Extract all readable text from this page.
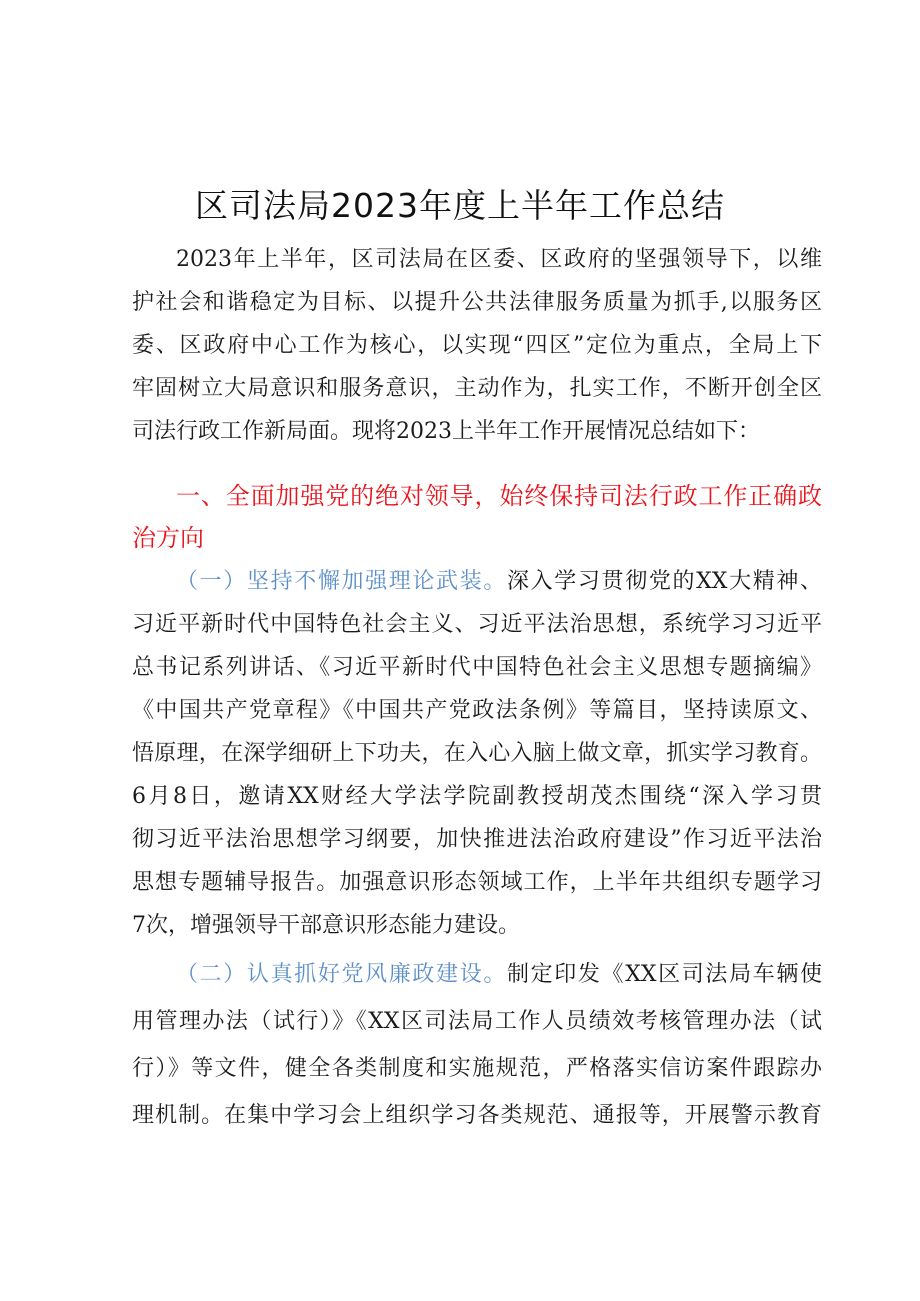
区司法局2023年度上半年工作总结

2023年上半年，区司法局在区委、区政府的坚强领导下，以维

护社会和谐稳定为目标、以提升公共法律服务质量为抓手,以服务区

委、区政府中心工作为核心，以实现“四区”定位为重点，全局上下

牢固树立大局意识和服务意识，主动作为，扎实工作，不断开创全区

司法行政工作新局面。现将2023上半年工作开展情况总结如下：

一、全面加强党的绝对领导，始终保持司法行政工作正确政

治方向

（一）坚持不懈加强理论武装。深入学习贯彻党的XX大精神、

习近平新时代中国特色社会主义、习近平法治思想，系统学习习近平

总书记系列讲话、《习近平新时代中国特色社会主义思想专题摘编》

《中国共产党章程》《中国共产党政法条例》等篇目，坚持读原文、

悟原理，在深学细研上下功夫，在入心入脑上做文章，抓实学习教育。

6月8日，邀请XX财经大学法学院副教授胡茂杰围绕“深入学习贯

彻习近平法治思想学习纲要，加快推进法治政府建设”作习近平法治

思想专题辅导报告。加强意识形态领域工作，上半年共组织专题学习

7次，增强领导干部意识形态能力建设。

（二）认真抓好党风廉政建设。制定印发《XX区司法局车辆使

用管理办法（试行）》《XX区司法局工作人员绩效考核管理办法（试

行）》等文件，健全各类制度和实施规范，严格落实信访案件跟踪办

理机制。在集中学习会上组织学习各类规范、通报等，开展警示教育
